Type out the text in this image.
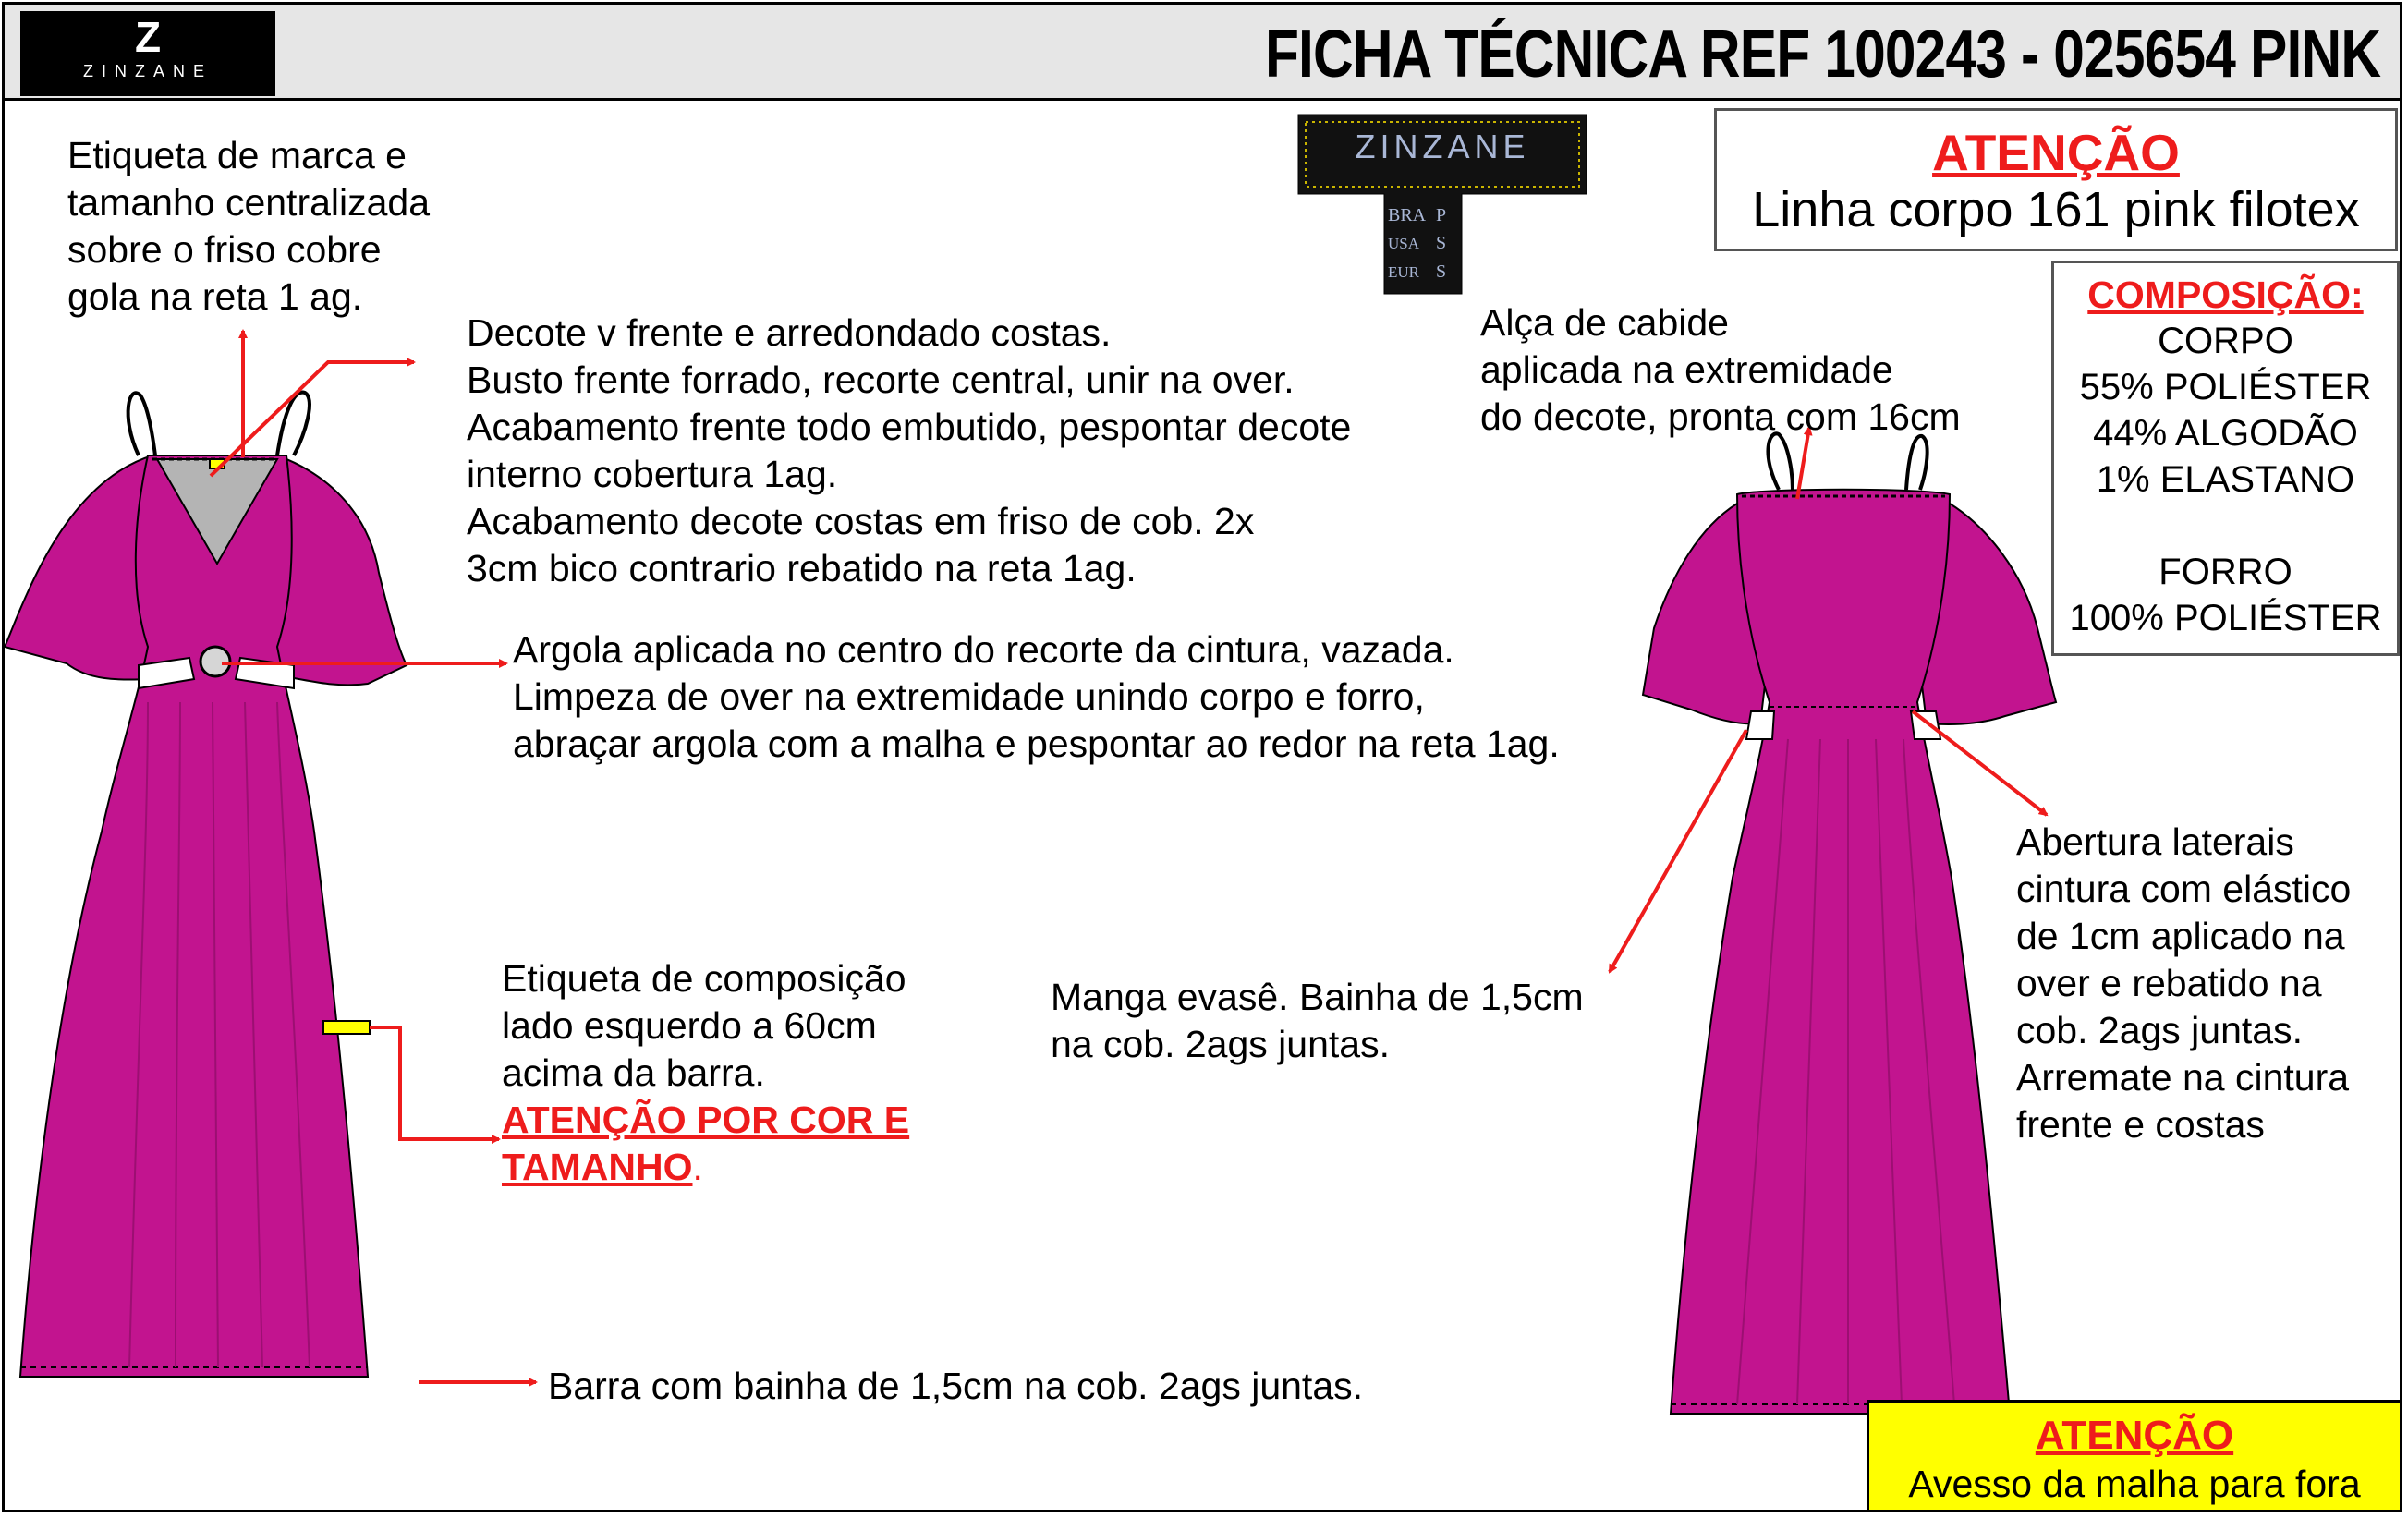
Z
ZINZANE	FICHA TÉCNICA REF 100243 - 025654 PINK
ZINZANE
BRA P
USA S
EUR S
ATENÇÃO
Linha corpo 161 pink filotex
COMPOSIÇÃO:
CORPO
55% POLIÉSTER
44% ALGODÃO
1% ELASTANO
FORRO
100% POLIÉSTER
Etiqueta de marca e
tamanho centralizada
sobre o friso cobre
gola na reta 1 ag.
Decote v frente e arredondado costas.
Busto frente forrado, recorte central, unir na over.
Acabamento frente todo embutido, pespontar decote
interno cobertura 1ag.
Acabamento decote costas em friso de cob. 2x
3cm bico contrario rebatido na reta 1ag.
Alça de cabide
aplicada na extremidade
do decote, pronta com 16cm
Argola aplicada no centro do recorte da cintura, vazada.
Limpeza de over na extremidade unindo corpo e forro,
abraçar argola com a malha e pespontar ao redor na reta 1ag.
Abertura laterais
cintura com elástico
de 1cm aplicado na
over e rebatido na
cob. 2ags juntas.
Arremate na cintura
frente e costas
Etiqueta de composição
lado esquerdo a 60cm
acima da barra.
ATENÇÃO POR COR E
TAMANHO.
Manga evasê. Bainha de 1,5cm
na cob. 2ags juntas.
Barra com bainha de 1,5cm na cob. 2ags juntas.
ATENÇÃO
Avesso da malha para fora
